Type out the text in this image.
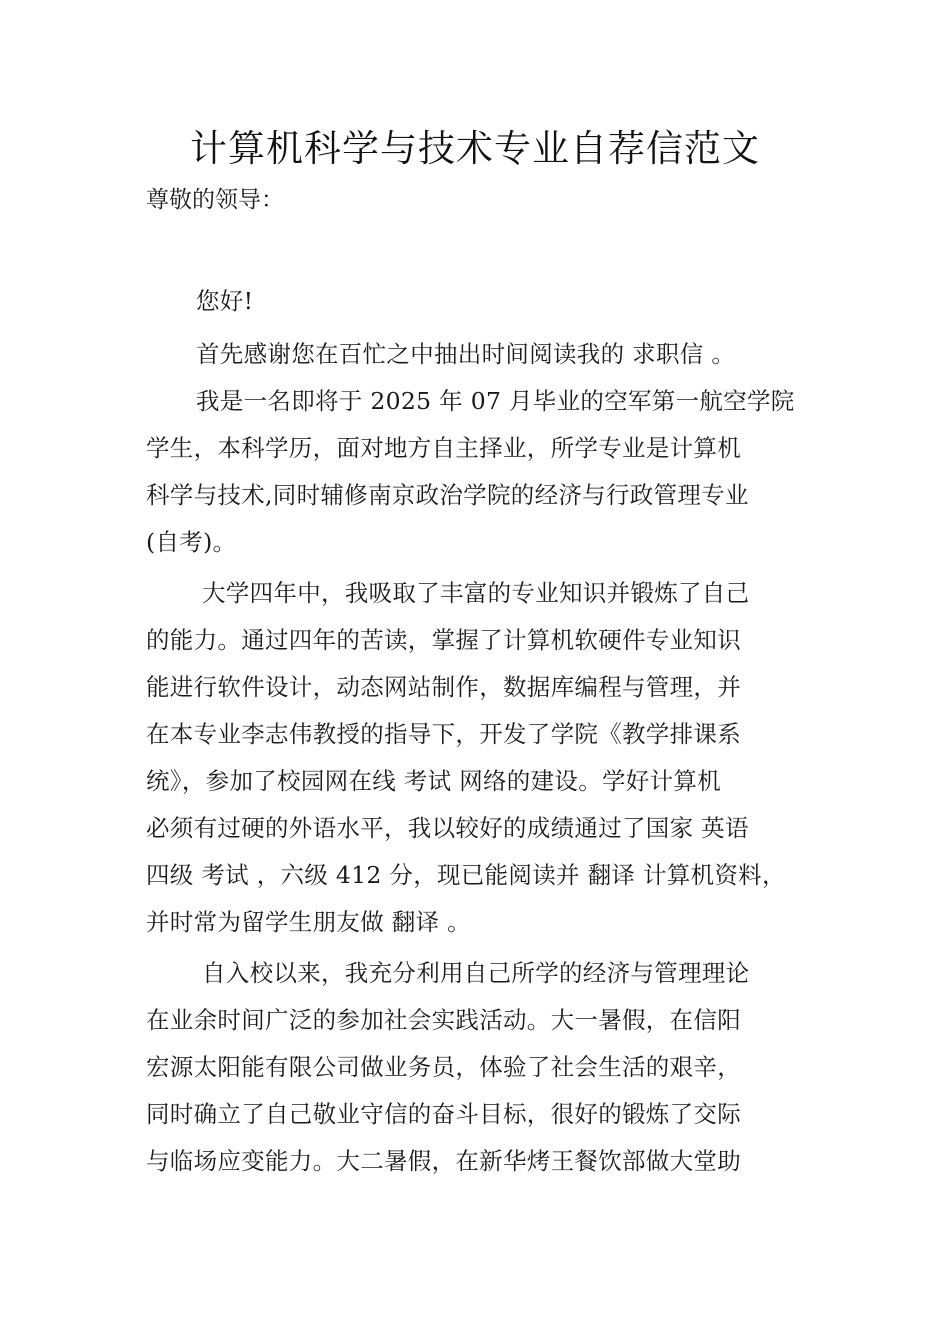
计算机科学与技术专业自荐信范文

尊敬的领导：

您好!
首先感谢您在百忙之中抽出时间阅读我的 求职信 。
我是一名即将于 2025 年 07 月毕业的空军第一航空学院
学生，本科学历，面对地方自主择业，所学专业是计算机
科学与技术,同时辅修南京政治学院的经济与行政管理专业
(自考)。
大学四年中，我吸取了丰富的专业知识并锻炼了自己
的能力。通过四年的苦读，掌握了计算机软硬件专业知识
能进行软件设计，动态网站制作，数据库编程与管理，并
在本专业李志伟教授的指导下，开发了学院《教学排课系
统》，参加了校园网在线 考试 网络的建设。学好计算机
必须有过硬的外语水平，我以较好的成绩通过了国家 英语
四级 考试 ，六级 412 分，现已能阅读并 翻译 计算机资料，
并时常为留学生朋友做 翻译 。
自入校以来，我充分利用自己所学的经济与管理理论
在业余时间广泛的参加社会实践活动。大一暑假，在信阳
宏源太阳能有限公司做业务员，体验了社会生活的艰辛，
同时确立了自己敬业守信的奋斗目标，很好的锻炼了交际
与临场应变能力。大二暑假，在新华烤王餐饮部做大堂助
